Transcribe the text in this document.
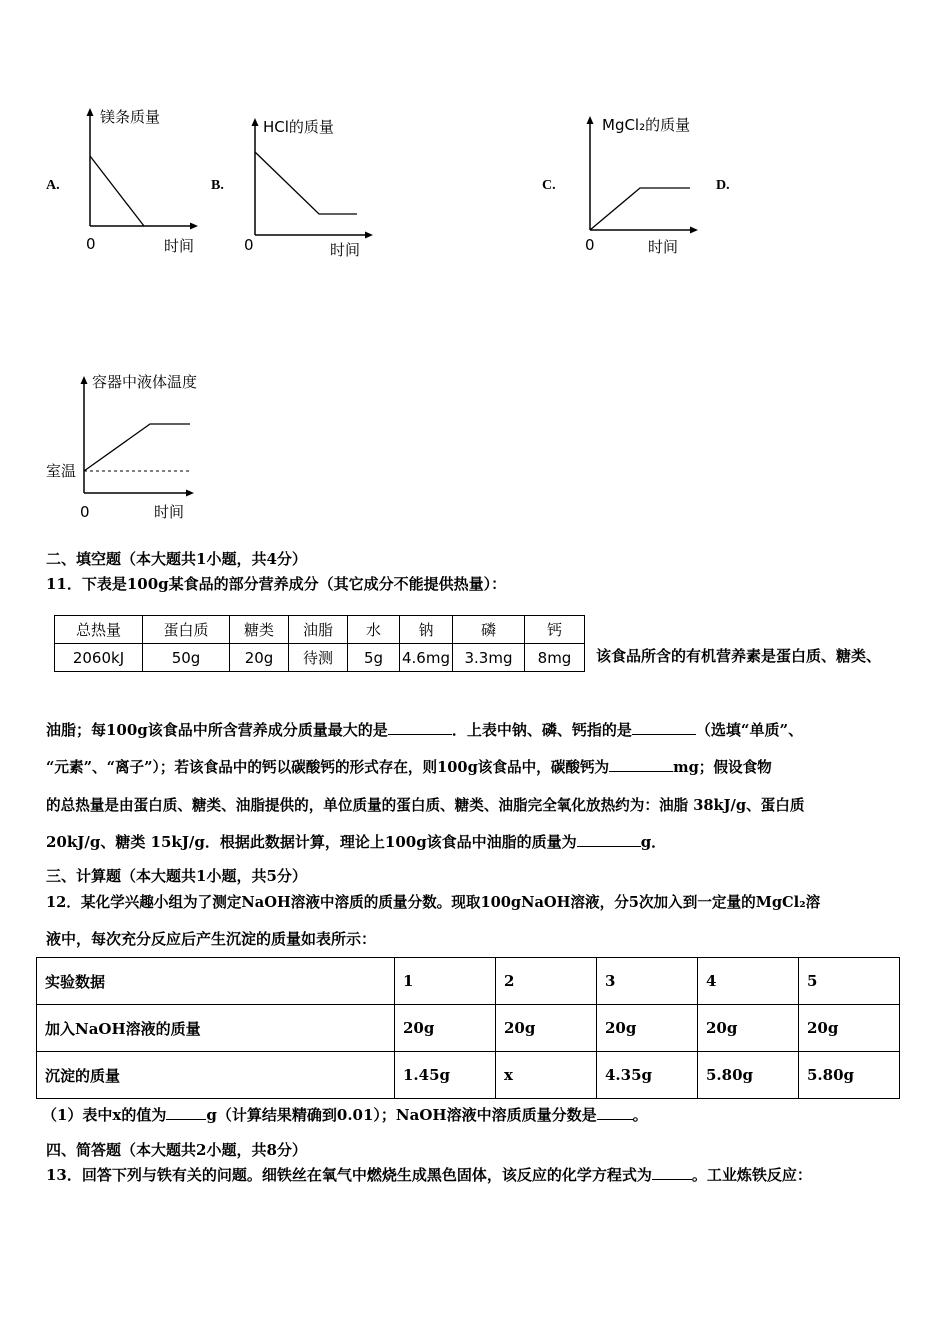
A.	B.	C.	D.
镁条质量
0	时间
HCl的质量
0	时间
MgCl₂的质量
0	时间
容器中液体温度
室温
0	时间
二、填空题（本大题共1小题，共4分）
11．下表是100g某食品的部分营养成分（其它成分不能提供热量）：
总热量	蛋白质	糖类	油脂	水	钠	磷	钙
2060kJ	50g	20g	待测	5g	4.6mg	3.3mg	8mg 该食品所含的有机营养素是蛋白质、糖类、
油脂；每100g该食品中所含营养成分质量最大的是	．上表中钠、磷、钙指的是	（选填“单质”、
“元素”、“离子”）；若该食品中的钙以碳酸钙的形式存在，则100g该食品中，碳酸钙为	mg；假设食物
的总热量是由蛋白质、糖类、油脂提供的，单位质量的蛋白质、糖类、油脂完全氧化放热约为：油脂 38kJ/g、蛋白质
20kJ/g、糖类 15kJ/g．根据此数据计算，理论上100g该食品中油脂的质量为	g．
三、计算题（本大题共1小题，共5分）
12．某化学兴趣小组为了测定NaOH溶液中溶质的质量分数。现取100gNaOH溶液，分5次加入到一定量的MgCl₂溶
液中，每次充分反应后产生沉淀的质量如表所示：
实验数据	1	2	3	4	5
加入NaOH溶液的质量	20g	20g	20g	20g	20g
沉淀的质量	1.45g	x	4.35g	5.80g	5.80g
（1）表中x的值为	g（计算结果精确到0.01）；NaOH溶液中溶质质量分数是 。
四、简答题（本大题共2小题，共8分）
13．回答下列与铁有关的问题。细铁丝在氧气中燃烧生成黑色固体，该反应的化学方程式为	。工业炼铁反应：
